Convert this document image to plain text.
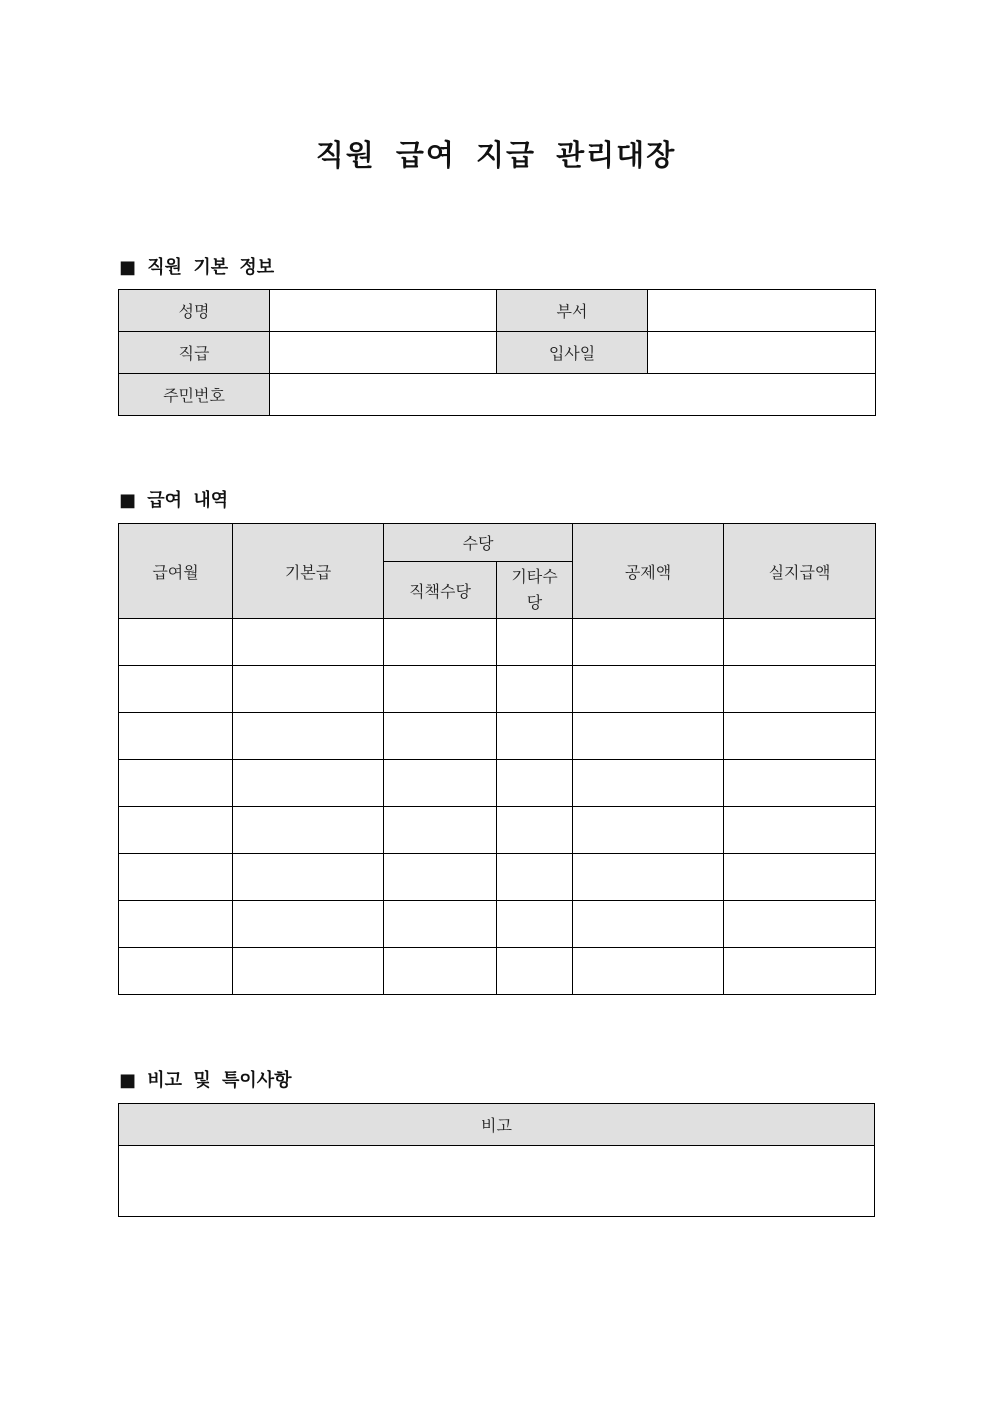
직원 급여 지급 관리대장
■ 직원 기본 정보
성명		부서	
직급		입사일	
주민번호			
■ 급여 내역
급여월	기본급	수당		공제액	실지급액
		직책수당	기타수당		

■ 비고 및 특이사항
비고
